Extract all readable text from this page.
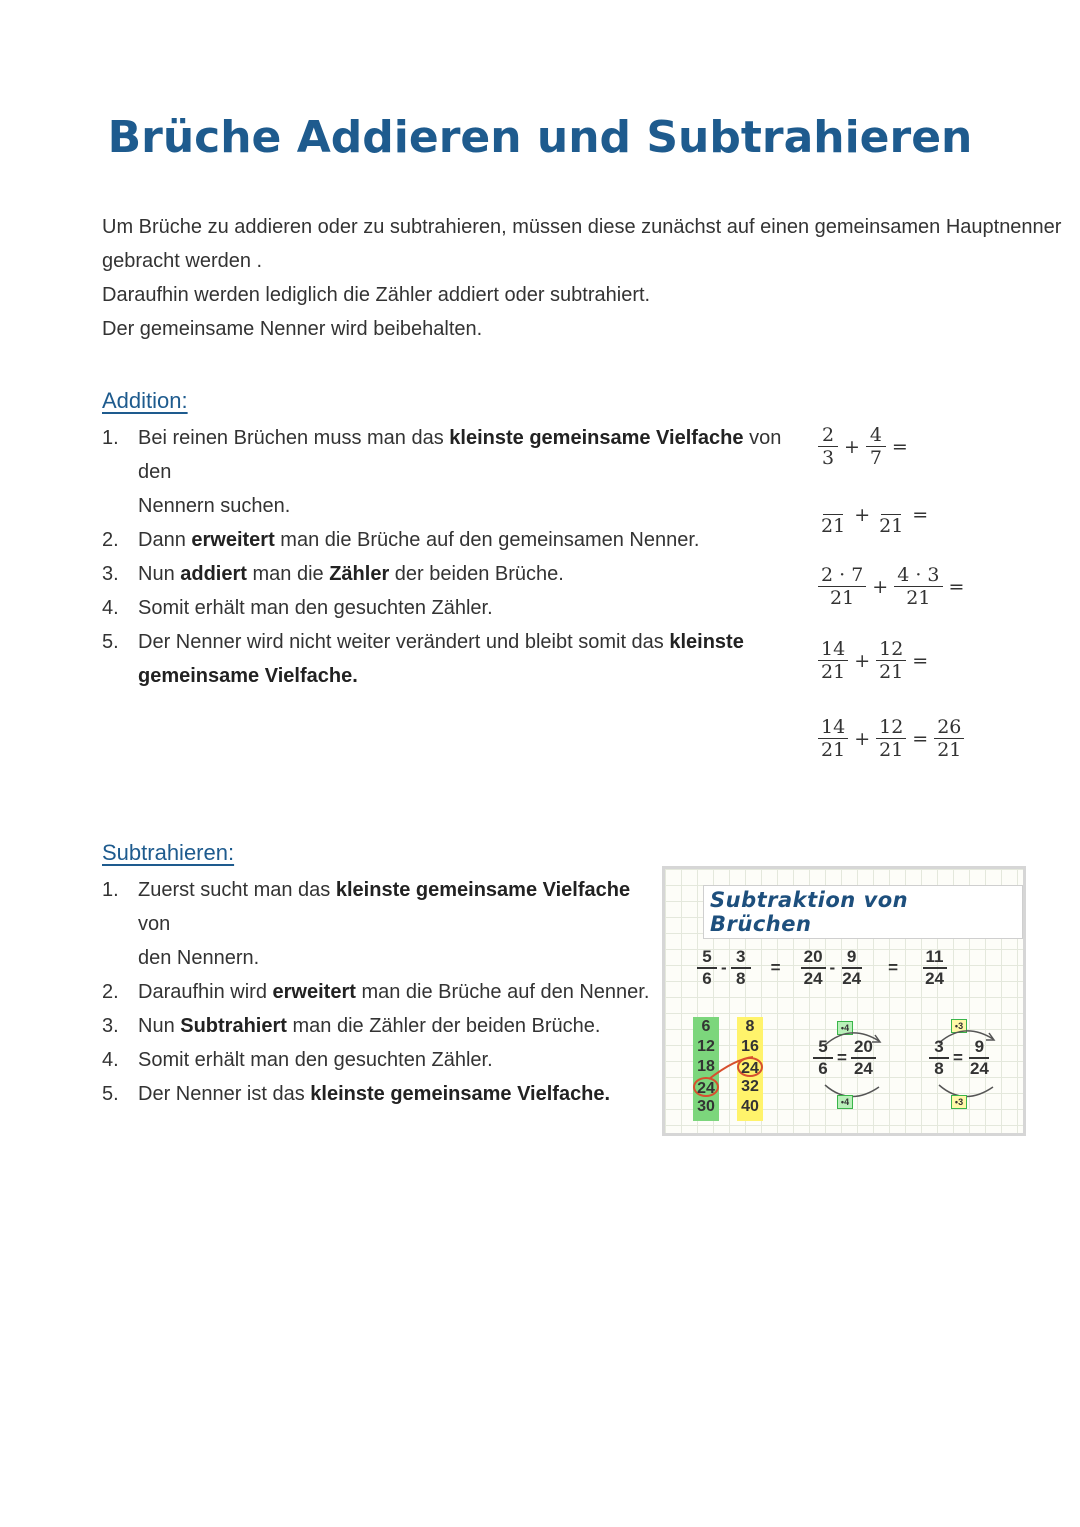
Brüche Addieren und Subtrahieren
Um Brüche zu addieren oder zu subtrahieren, müssen diese zunächst auf einen gemeinsamen Hauptnenner
gebracht werden .
Daraufhin werden lediglich die Zähler addiert oder subtrahiert.
Der gemeinsame Nenner wird beibehalten.
Addition:
1. Bei reinen Brüchen muss man das kleinste gemeinsame Vielfache von den
Nennern suchen.
2. Dann erweitert man die Brüche auf den gemeinsamen Nenner.
3. Nun addiert man die Zähler der beiden Brüche.
4. Somit erhält man den gesuchten Zähler.
5. Der Nenner wird nicht weiter verändert und bleibt somit das kleinste
gemeinsame Vielfache.
$\frac{2}{3} + \frac{4}{7}$ =
21
+
21
=
$\frac{2 \cdot 7}{21} + \frac{4 \cdot 3}{21}$ =
$\frac{14}{21} + \frac{12}{21}$ =
$\frac{14}{21} + \frac{12}{21} = \frac{26}{21}$
Subtrahieren:
1. Zuerst sucht man das kleinste gemeinsame Vielfache von
den Nennern.
2. Daraufhin wird erweitert man die Brüche auf den Nenner.
3. Nun Subtrahiert man die Zähler der beiden Brüche.
4. Somit erhält man den gesuchten Zähler.
5. Der Nenner ist das kleinste gemeinsame Vielfache.
Subtraktion von Brüchen
$\frac{5}{6} - \frac{3}{8} = \frac{20}{24} - \frac{9}{24} = \frac{11}{24}$
6
12
18
24
30
8
16
24
32
40
•4
$\frac{5}{6} = \frac{20}{24}$
•4
•3
$\frac{3}{8} = \frac{9}{24}$
•3
